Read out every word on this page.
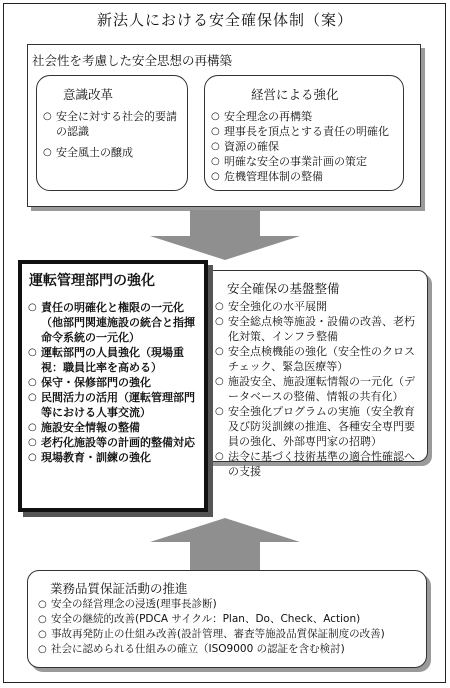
新法人における安全確保体制（案）
社会性を考慮した安全思想の再構築
意識改革
○ 安全に対する社会的要請の認識
○ 安全風土の醸成
経営による強化
○ 安全理念の再構築
○ 理事長を頂点とする責任の明確化
○ 資源の確保
○ 明確な安全の事業計画の策定
○ 危機管理体制の整備
安全確保の基盤整備
○ 安全強化の水平展開
○ 安全総点検等施設・設備の改善、老朽化対策、インフラ整備
○ 安全点検機能の強化（安全性のクロスチェック、緊急医療等）
○ 施設安全、施設運転情報の一元化（データベースの整備、情報の共有化）
○ 安全強化プログラムの実施（安全教育及び防災訓練の推進、各種安全専門要員の強化、外部専門家の招聘）
○ 法令に基づく技術基準の適合性確認への支援
運転管理部門の強化
○ 責任の明確化と権限の一元化（他部門関連施設の統合と指揮命令系統の一元化）
○ 運転部門の人員強化（現場重視：職員比率を高める）
○ 保守・保修部門の強化
○ 民間活力の活用（運転管理部門等における人事交流）
○ 施設安全情報の整備
○ 老朽化施設等の計画的整備対応
○ 現場教育・訓練の強化
業務品質保証活動の推進
○ 安全の経営理念の浸透(理事長診断)
○ 安全の継続的改善(PDCA サイクル：Plan、Do、Check、Action)
○ 事故再発防止の仕組み改善(設計管理、審査等施設品質保証制度の改善)
○ 社会に認められる仕組みの確立（ISO9000 の認証を含む検討)
